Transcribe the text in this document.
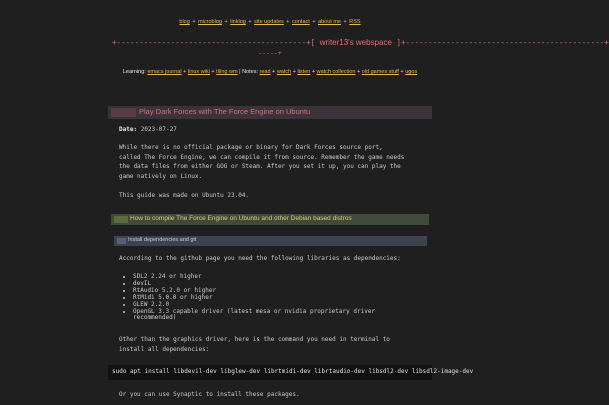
blog + microblog + linklog + site updates + contact + about me + RSS
+------------------------------------------+[ writer13's webspace ]+--------------------------------------------+
-----+
Learning: emacs journal + linux wiki + tiling wm | Notes: read + watch + listen + watch collection + old games stuff + ugos
Play Dark Forces with The Force Engine on Ubuntu
Date: 2023-07-27
While there is no official package or binary for Dark Forces source port,
called The Force Engine, we can compile it from source. Remember the game needs
the data files from either GOG or Steam. After you set it up, you can play the
game natively on Linux.
This guide was made on Ubuntu 23.04.
How to compile The Force Engine on Ubuntu and other Debian based distros
Install dependencies and git
According to the github page you need the following libraries as dependencies:
• SDL2 2.24 or higher
• devIL
• RtAudio 5.2.0 or higher
• RtMidi 5.0.0 or higher
• GLEW 2.2.0
• OpenGL 3.3 capable driver (latest mesa or nvidia proprietary driver
recommended)
Other than the graphics driver, here is the command you need in terminal to
install all dependencies:
sudo apt install libdevil-dev libglew-dev librtmidi-dev librtaudio-dev libsdl2-dev libsdl2-image-dev
Or you can use Synaptic to install these packages.
